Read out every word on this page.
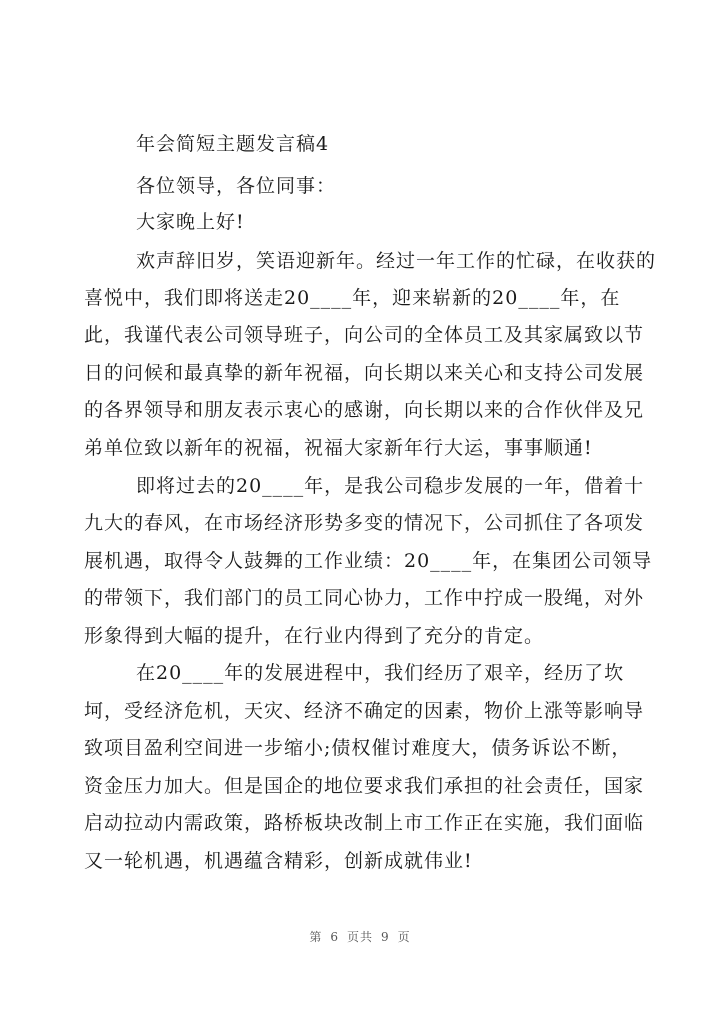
年会简短主题发言稿4
各位领导，各位同事：
大家晚上好!
欢声辞旧岁，笑语迎新年。经过一年工作的忙碌，在收获的
喜悦中，我们即将送走20____年，迎来崭新的20____年，在
此，我谨代表公司领导班子，向公司的全体员工及其家属致以节
日的问候和最真挚的新年祝福，向长期以来关心和支持公司发展
的各界领导和朋友表示衷心的感谢，向长期以来的合作伙伴及兄
弟单位致以新年的祝福，祝福大家新年行大运，事事顺通!
即将过去的20____年，是我公司稳步发展的一年，借着十
九大的春风，在市场经济形势多变的情况下，公司抓住了各项发
展机遇，取得令人鼓舞的工作业绩：20____年，在集团公司领导
的带领下，我们部门的员工同心协力，工作中拧成一股绳，对外
形象得到大幅的提升，在行业内得到了充分的肯定。
在20____年的发展进程中，我们经历了艰辛，经历了坎
坷，受经济危机，天灾、经济不确定的因素，物价上涨等影响导
致项目盈利空间进一步缩小;债权催讨难度大，债务诉讼不断，
资金压力加大。但是国企的地位要求我们承担的社会责任，国家
启动拉动内需政策，路桥板块改制上市工作正在实施，我们面临
又一轮机遇，机遇蕴含精彩，创新成就伟业!
第 6 页共 9 页
